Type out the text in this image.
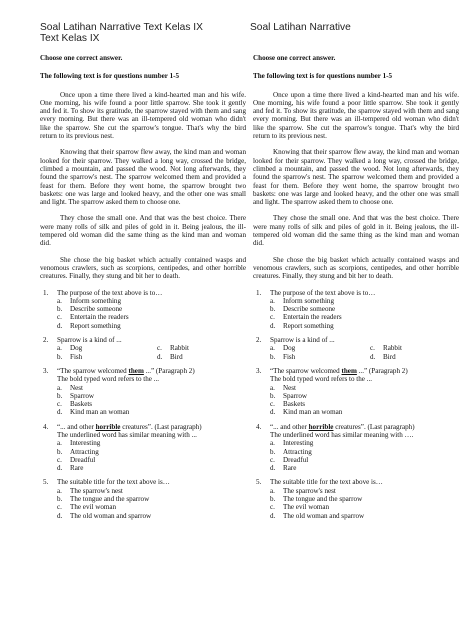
Soal Latihan Narrative Text Kelas IX
Text Kelas IX
Soal Latihan Narrative
Choose one correct answer.
The following text is for questions number 1-5
Once upon a time there lived a kind-hearted man and his wife. One morning, his wife found a poor little sparrow. She took it gently and fed it. To show its gratitude, the sparrow stayed with them and sang every morning. But there was an ill-tempered old woman who didn't like the sparrow. She cut the sparrow's tongue. That's why the bird return to its previous nest.
Knowing that their sparrow flew away, the kind man and woman looked for their sparrow. They walked a long way, crossed the bridge, climbed a mountain, and passed the wood. Not long afterwards, they found the sparrow's nest. The sparrow welcomed them and provided a feast for them. Before they went home, the sparrow brought two baskets: one was large and looked heavy, and the other one was small and light. The sparrow asked them to choose one.
They chose the small one. And that was the best choice. There were many rolls of silk and piles of gold in it. Being jealous, the ill-tempered old woman did the same thing as the kind man and woman did.
She chose the big basket which actually contained wasps and venomous crawlers, such as scorpions, centipedes, and other horrible creatures. Finally, they stung and bit her to death.
1.	The purpose of the text above is to…
a.	Inform something
b.	Describe someone
c.	Entertain the readers
d.	Report something
2.	Sparrow is a kind of ...
a.	Dog	c.	Rabbit
b.	Fish	d.	Bird
3.	“The sparrow welcomed them ...” (Paragraph 2)
The bold typed word refers to the ...
a.	Nest
b.	Sparrow
c.	Baskets
d.	Kind man an woman
4.	“... and other horrible creatures”. (Last paragraph)
The underlined word has similar meaning with ...
a.	Interesting
b.	Attracting
c.	Dreadful
d.	Rare
5.	The suitable title for the text above is…
a.	The sparrow's nest
b.	The tongue and the sparrow
c.	The evil woman
d.	The old woman and sparrow
Choose one correct answer.
The following text is for questions number 1-5
Once upon a time there lived a kind-hearted man and his wife. One morning, his wife found a poor little sparrow. She took it gently and fed it. To show its gratitude, the sparrow stayed with them and sang every morning. But there was an ill-tempered old woman who didn't like the sparrow. She cut the sparrow's tongue. That's why the bird return to its previous nest.
Knowing that their sparrow flew away, the kind man and woman looked for their sparrow. They walked a long way, crossed the bridge, climbed a mountain, and passed the wood. Not long afterwards, they found the sparrow's nest. The sparrow welcomed them and provided a feast for them. Before they went home, the sparrow brought two baskets: one was large and looked heavy, and the other one was small and light. The sparrow asked them to choose one.
They chose the small one. And that was the best choice. There were many rolls of silk and piles of gold in it. Being jealous, the ill-tempered old woman did the same thing as the kind man and woman did.
She chose the big basket which actually contained wasps and venomous crawlers, such as scorpions, centipedes, and other horrible creatures. Finally, they stung and bit her to death.
1.	The purpose of the text above is to…
a.	Inform something
b.	Describe someone
c.	Entertain the readers
d.	Report something
2.	Sparrow is a kind of ...
a.	Dog	c.	Rabbit
b.	Fish	d.	Bird
3.	“The sparrow welcomed them ...” (Paragraph 2)
The bold typed word refers to the ...
a.	Nest
b.	Sparrow
c.	Baskets
d.	Kind man an woman
4.	“... and other horrible creatures”. (Last paragraph)
The underlined word has similar meaning with ….
a.	Interesting
b.	Attracting
c.	Dreadful
d.	Rare
5.	The suitable title for the text above is…
a.	The sparrow's nest
b.	The tongue and the sparrow
c.	The evil woman
d.	The old woman and sparrow
